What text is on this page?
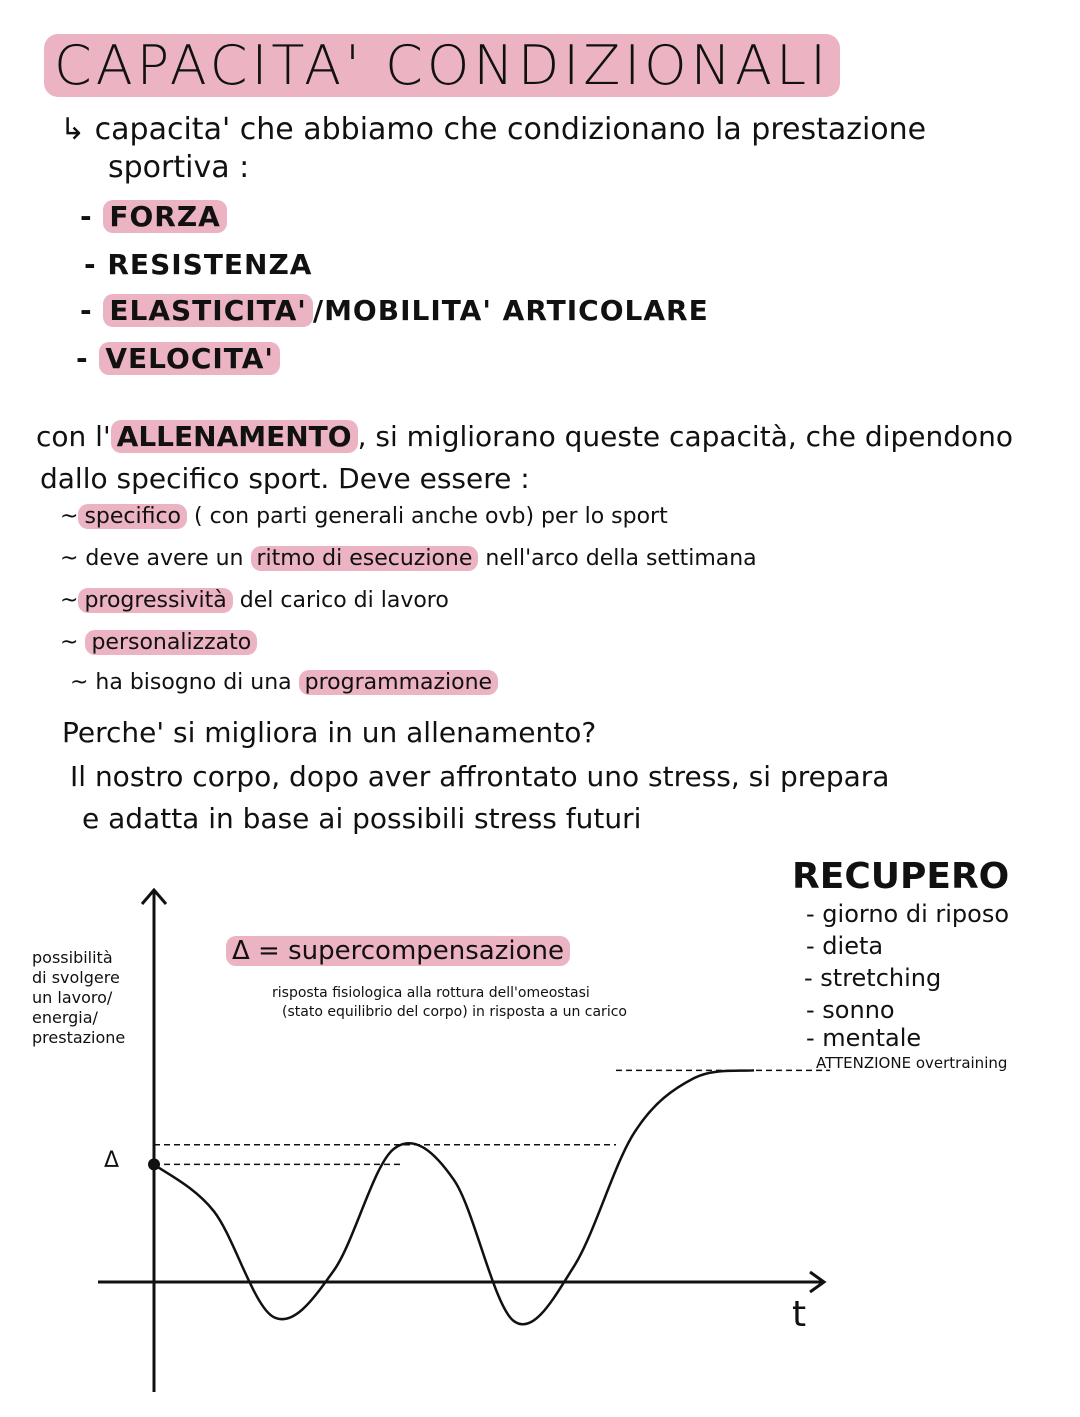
CAPACITA' CONDIZIONALI
↳ capacita' che abbiamo che condizionano la prestazione
sportiva :
- FORZA
- RESISTENZA
- ELASTICITA' /MOBILITA' ARTICOLARE
- VELOCITA'
con l' ALLENAMENTO , si migliorano queste capacità, che dipendono
dallo specifico sport. Deve essere :
~ specifico ( con parti generali anche ovb) per lo sport
~ deve avere un ritmo di esecuzione nell'arco della settimana
~ progressività del carico di lavoro
~ personalizzato
~ ha bisogno di una programmazione
Perche' si migliora in un allenamento?
Il nostro corpo, dopo aver affrontato uno stress, si prepara
e adatta in base ai possibili stress futuri
possibilità
di svolgere
un lavoro/
energia/
prestazione
Δ = supercompensazione
risposta fisiologica alla rottura dell'omeostasi
(stato equilibrio del corpo) in risposta a un carico
Δ
t
RECUPERO
- giorno di riposo
- dieta
- stretching
- sonno
- mentale
ATTENZIONE overtraining
